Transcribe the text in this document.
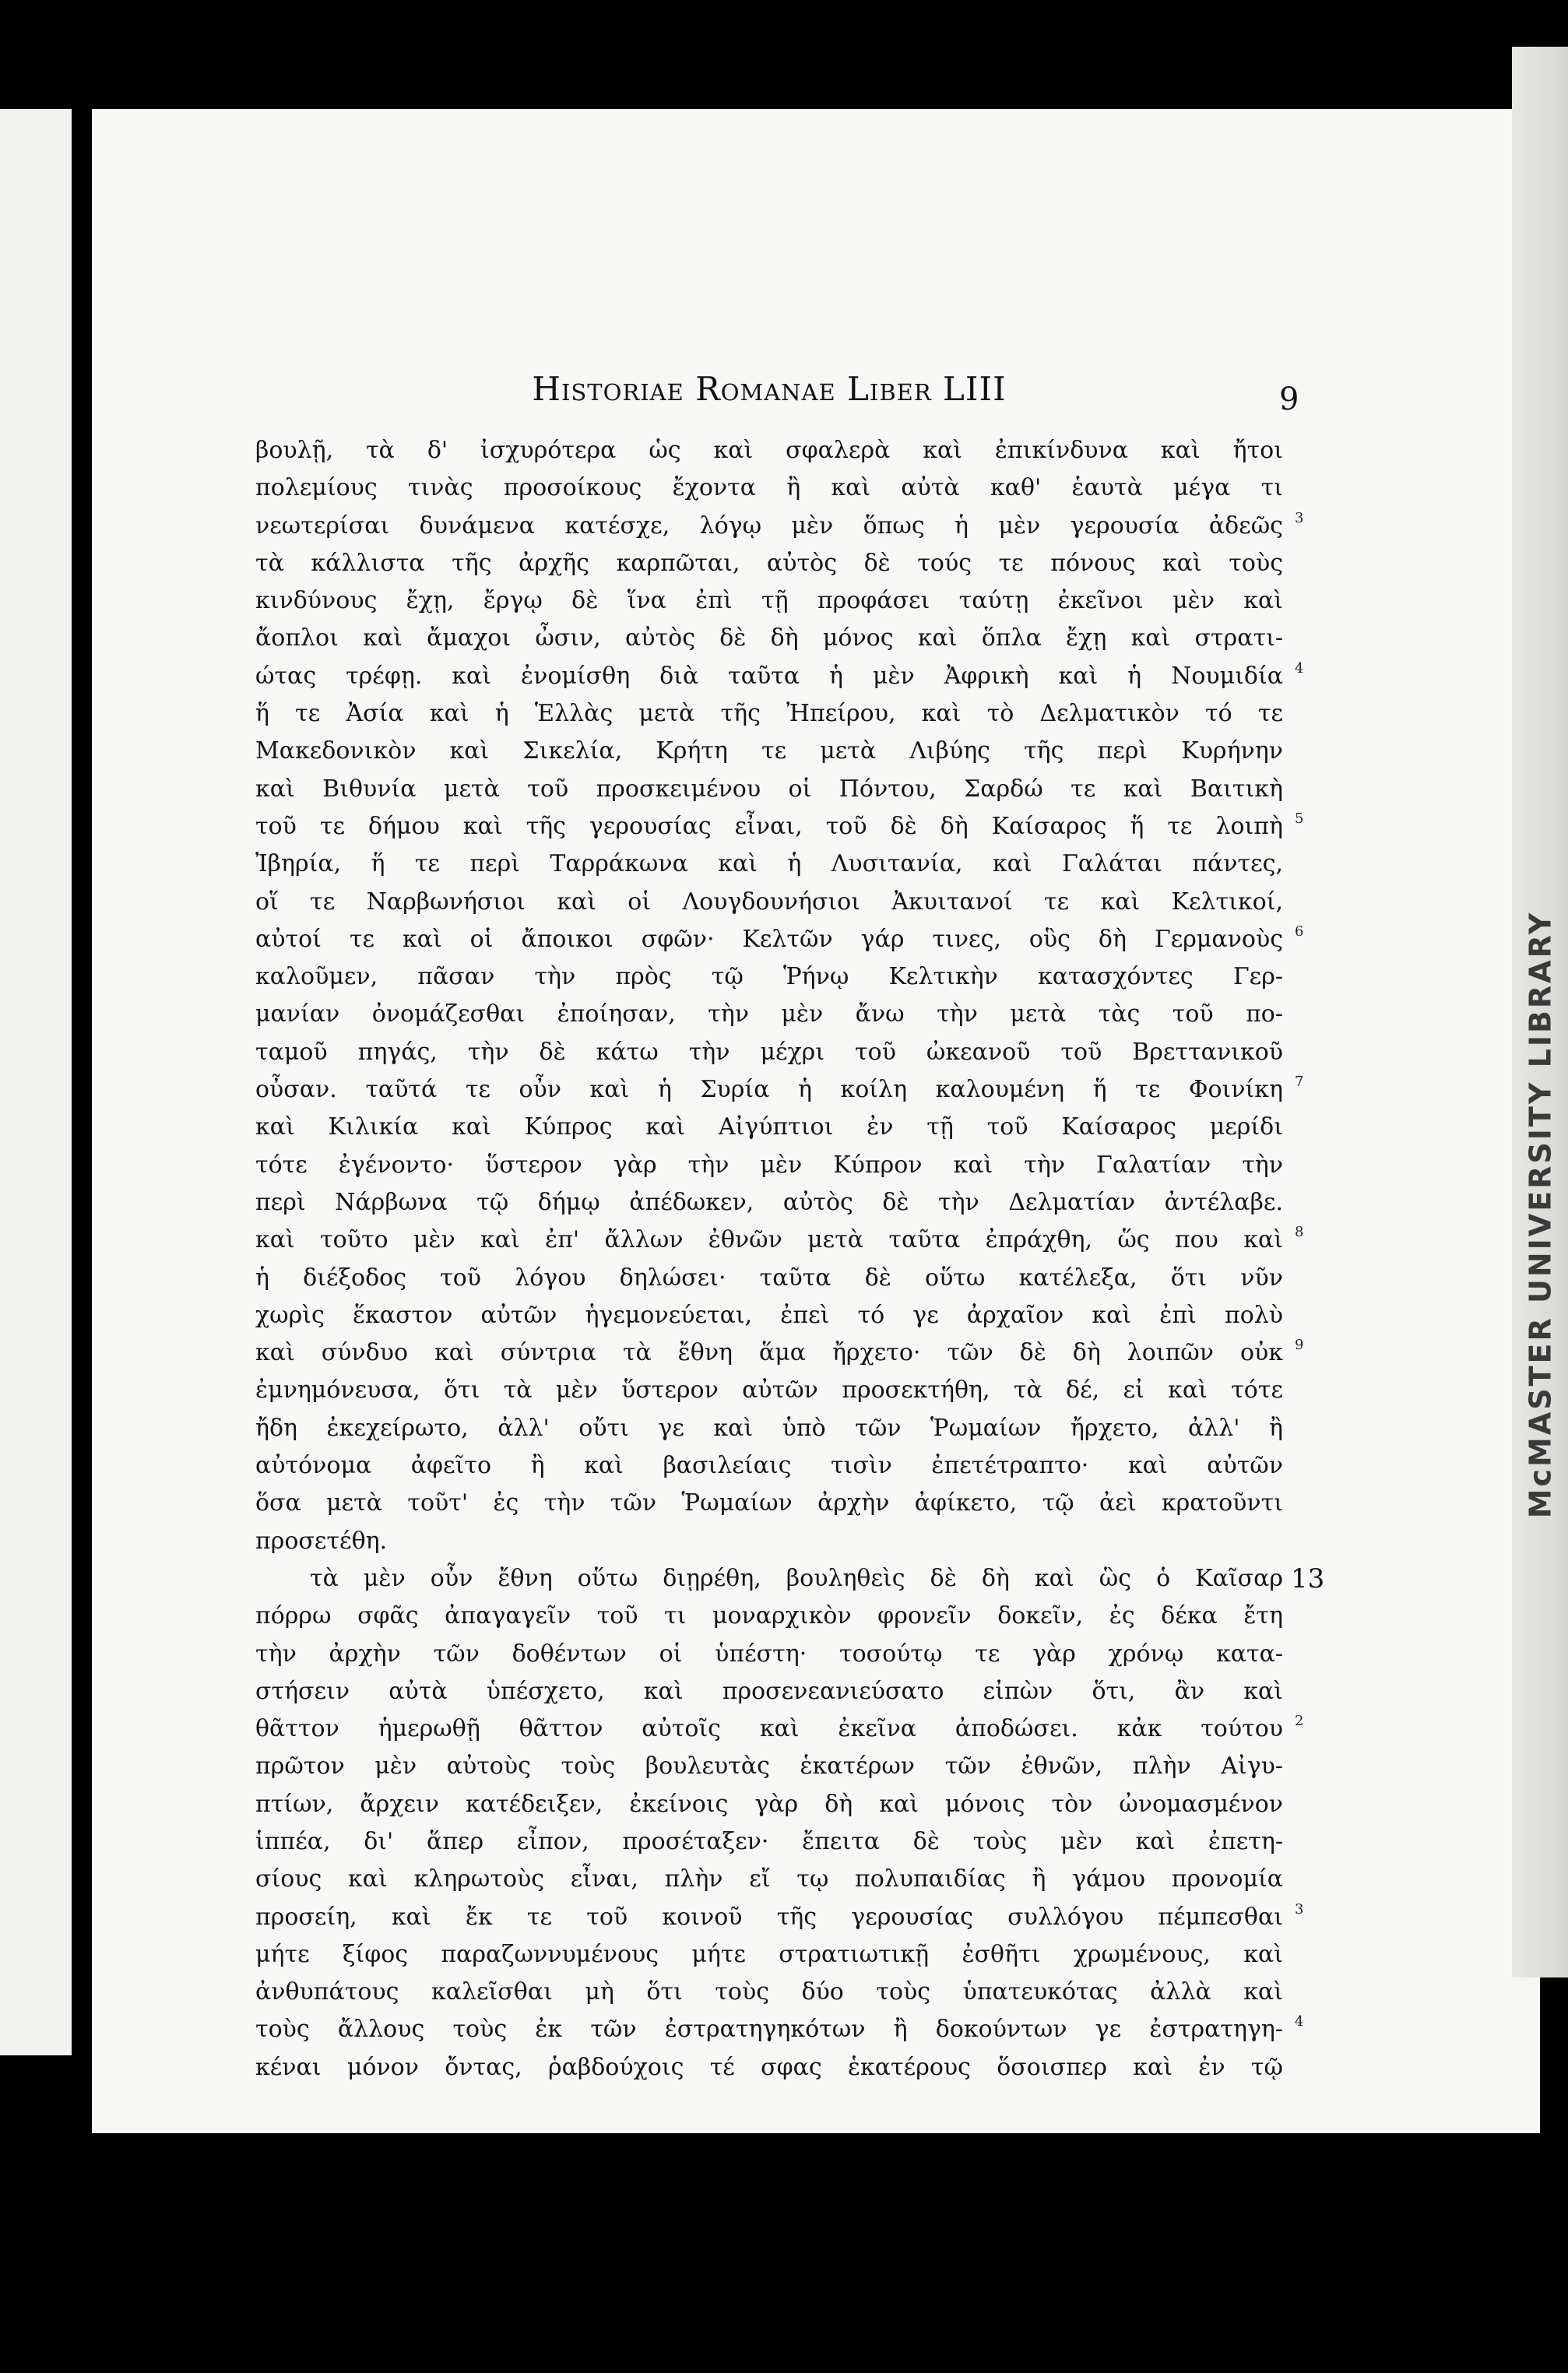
Historiae Romanae Liber LIII	9
βουλῇ, τὰ δ' ἰσχυρότερα ὡς καὶ σφαλερὰ καὶ ἐπικίνδυνα καὶ ἤτοι
πολεμίους τινὰς προσοίκους ἔχοντα ἢ καὶ αὐτὰ καθ' ἑαυτὰ μέγα τι
νεωτερίσαι δυνάμενα κατέσχε, λόγῳ μὲν ὅπως ἡ μὲν γερουσία ἀδεῶς 3
τὰ κάλλιστα τῆς ἀρχῆς καρπῶται, αὐτὸς δὲ τούς τε πόνους καὶ τοὺς
κινδύνους ἔχῃ, ἔργῳ δὲ ἵνα ἐπὶ τῇ προφάσει ταύτῃ ἐκεῖνοι μὲν καὶ
ἄοπλοι καὶ ἄμαχοι ὦσιν, αὐτὸς δὲ δὴ μόνος καὶ ὅπλα ἔχῃ καὶ στρατι-
ώτας τρέφῃ. καὶ ἐνομίσθη διὰ ταῦτα ἡ μὲν Ἀφρικὴ καὶ ἡ Νουμιδία 4
ἥ τε Ἀσία καὶ ἡ Ἑλλὰς μετὰ τῆς Ἠπείρου, καὶ τὸ Δελματικὸν τό τε
Μακεδονικὸν καὶ Σικελία, Κρήτη τε μετὰ Λιβύης τῆς περὶ Κυρήνην
καὶ Βιθυνία μετὰ τοῦ προσκειμένου οἱ Πόντου, Σαρδώ τε καὶ Βαιτικὴ
τοῦ τε δήμου καὶ τῆς γερουσίας εἶναι, τοῦ δὲ δὴ Καίσαρος ἥ τε λοιπὴ 5
Ἰβηρία, ἥ τε περὶ Ταρράκωνα καὶ ἡ Λυσιτανία, καὶ Γαλάται πάντες,
οἵ τε Ναρβωνήσιοι καὶ οἱ Λουγδουνήσιοι Ἀκυιτανοί τε καὶ Κελτικοί,
αὐτοί τε καὶ οἱ ἄποικοι σφῶν· Κελτῶν γάρ τινες, οὓς δὴ Γερμανοὺς 6
καλοῦμεν, πᾶσαν τὴν πρὸς τῷ Ῥήνῳ Κελτικὴν κατασχόντες Γερ-
μανίαν ὀνομάζεσθαι ἐποίησαν, τὴν μὲν ἄνω τὴν μετὰ τὰς τοῦ πο-
ταμοῦ πηγάς, τὴν δὲ κάτω τὴν μέχρι τοῦ ὠκεανοῦ τοῦ Βρεττανικοῦ
οὖσαν. ταῦτά τε οὖν καὶ ἡ Συρία ἡ κοίλη καλουμένη ἥ τε Φοινίκη 7
καὶ Κιλικία καὶ Κύπρος καὶ Αἰγύπτιοι ἐν τῇ τοῦ Καίσαρος μερίδι
τότε ἐγένοντο· ὕστερον γὰρ τὴν μὲν Κύπρον καὶ τὴν Γαλατίαν τὴν
περὶ Νάρβωνα τῷ δήμῳ ἀπέδωκεν, αὐτὸς δὲ τὴν Δελματίαν ἀντέλαβε.
καὶ τοῦτο μὲν καὶ ἐπ' ἄλλων ἐθνῶν μετὰ ταῦτα ἐπράχθη, ὥς που καὶ 8
ἡ διέξοδος τοῦ λόγου δηλώσει· ταῦτα δὲ οὕτω κατέλεξα, ὅτι νῦν
χωρὶς ἕκαστον αὐτῶν ἡγεμονεύεται, ἐπεὶ τό γε ἀρχαῖον καὶ ἐπὶ πολὺ
καὶ σύνδυο καὶ σύντρια τὰ ἔθνη ἅμα ἤρχετο· τῶν δὲ δὴ λοιπῶν οὐκ 9
ἐμνημόνευσα, ὅτι τὰ μὲν ὕστερον αὐτῶν προσεκτήθη, τὰ δέ, εἰ καὶ τότε
ἤδη ἐκεχείρωτο, ἀλλ' οὔτι γε καὶ ὑπὸ τῶν Ῥωμαίων ἤρχετο, ἀλλ' ἢ
αὐτόνομα ἀφεῖτο ἢ καὶ βασιλείαις τισὶν ἐπετέτραπτο· καὶ αὐτῶν
ὅσα μετὰ τοῦτ' ἐς τὴν τῶν Ῥωμαίων ἀρχὴν ἀφίκετο, τῷ ἀεὶ κρατοῦντι
προσετέθη.
τὰ μὲν οὖν ἔθνη οὕτω διῃρέθη, βουληθεὶς δὲ δὴ καὶ ὣς ὁ Καῖσαρ 13
πόρρω σφᾶς ἀπαγαγεῖν τοῦ τι μοναρχικὸν φρονεῖν δοκεῖν, ἐς δέκα ἔτη
τὴν ἀρχὴν τῶν δοθέντων οἱ ὑπέστη· τοσούτῳ τε γὰρ χρόνῳ κατα-
στήσειν αὐτὰ ὑπέσχετο, καὶ προσενεανιεύσατο εἰπὼν ὅτι, ἂν καὶ
θᾶττον ἡμερωθῇ θᾶττον αὐτοῖς καὶ ἐκεῖνα ἀποδώσει. κἀκ τούτου 2
πρῶτον μὲν αὐτοὺς τοὺς βουλευτὰς ἑκατέρων τῶν ἐθνῶν, πλὴν Αἰγυ-
πτίων, ἄρχειν κατέδειξεν, ἐκείνοις γὰρ δὴ καὶ μόνοις τὸν ὠνομασμένον
ἱππέα, δι' ἅπερ εἶπον, προσέταξεν· ἔπειτα δὲ τοὺς μὲν καὶ ἐπετη-
σίους καὶ κληρωτοὺς εἶναι, πλὴν εἴ τῳ πολυπαιδίας ἢ γάμου προνομία
προσείη, καὶ ἔκ τε τοῦ κοινοῦ τῆς γερουσίας συλλόγου πέμπεσθαι 3
μήτε ξίφος παραζωννυμένους μήτε στρατιωτικῇ ἐσθῆτι χρωμένους, καὶ
ἀνθυπάτους καλεῖσθαι μὴ ὅτι τοὺς δύο τοὺς ὑπατευκότας ἀλλὰ καὶ
τοὺς ἄλλους τοὺς ἐκ τῶν ἐστρατηγηκότων ἢ δοκούντων γε ἐστρατηγη- 4
κέναι μόνον ὄντας, ῥαβδούχοις τέ σφας ἑκατέρους ὅσοισπερ καὶ ἐν τῷ
McMASTER UNIVERSITY LIBRARY
